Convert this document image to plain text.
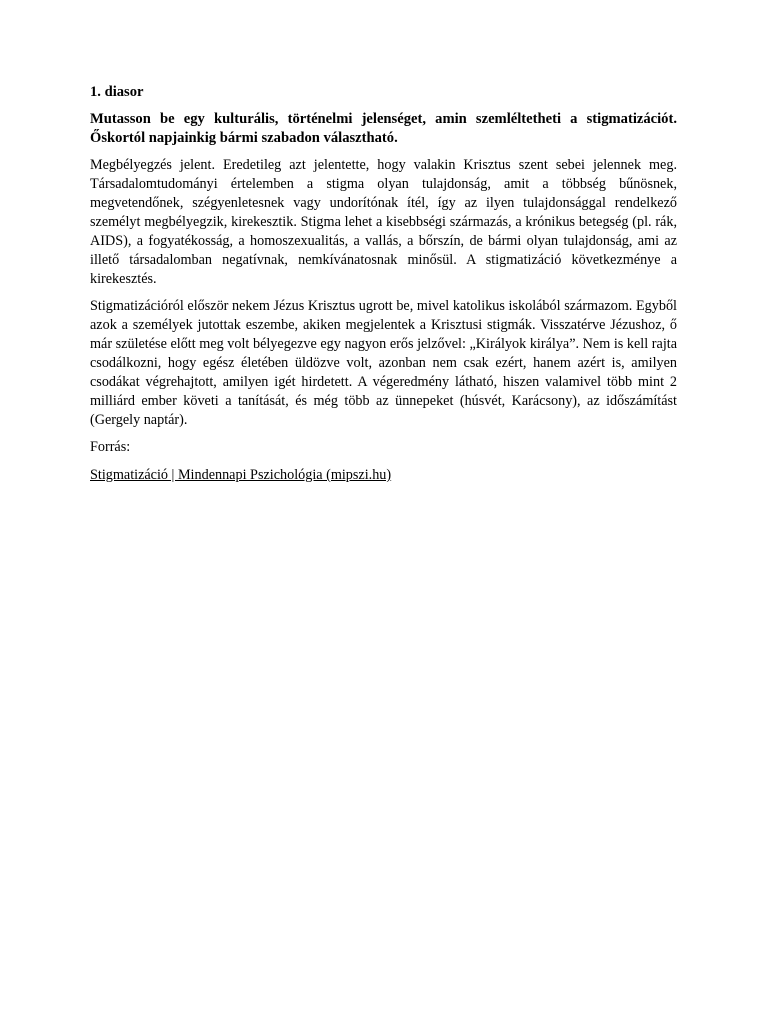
1. diasor

Mutasson be egy kulturális, történelmi jelenséget, amin szemléltetheti a stigmatizációt. Őskortól napjainkig bármi szabadon választható.

Megbélyegzés jelent. Eredetileg azt jelentette, hogy valakin Krisztus szent sebei jelennek meg. Társadalomtudományi értelemben a stigma olyan tulajdonság, amit a többség bűnösnek, megvetendőnek, szégyenletesnek vagy undorítónak ítél, így az ilyen tulajdonsággal rendelkező személyt megbélyegzik, kirekesztik. Stigma lehet a kisebbségi származás, a krónikus betegség (pl. rák, AIDS), a fogyatékosság, a homoszexualitás, a vallás, a bőrszín, de bármi olyan tulajdonság, ami az illető társadalomban negatívnak, nemkívánatosnak minősül. A stigmatizáció következménye a kirekesztés.

Stigmatizációról először nekem Jézus Krisztus ugrott be, mivel katolikus iskolából származom. Egyből azok a személyek jutottak eszembe, akiken megjelentek a Krisztusi stigmák. Visszatérve Jézushoz, ő már születése előtt meg volt bélyegezve egy nagyon erős jelzővel: „Királyok királya”. Nem is kell rajta csodálkozni, hogy egész életében üldözve volt, azonban nem csak ezért, hanem azért is, amilyen csodákat végrehajtott, amilyen igét hirdetett. A végeredmény látható, hiszen valamivel több mint 2 milliárd ember követi a tanítását, és még több az ünnepeket (húsvét, Karácsony), az időszámítást (Gergely naptár).

Forrás:

Stigmatizáció | Mindennapi Pszichológia (mipszi.hu)
